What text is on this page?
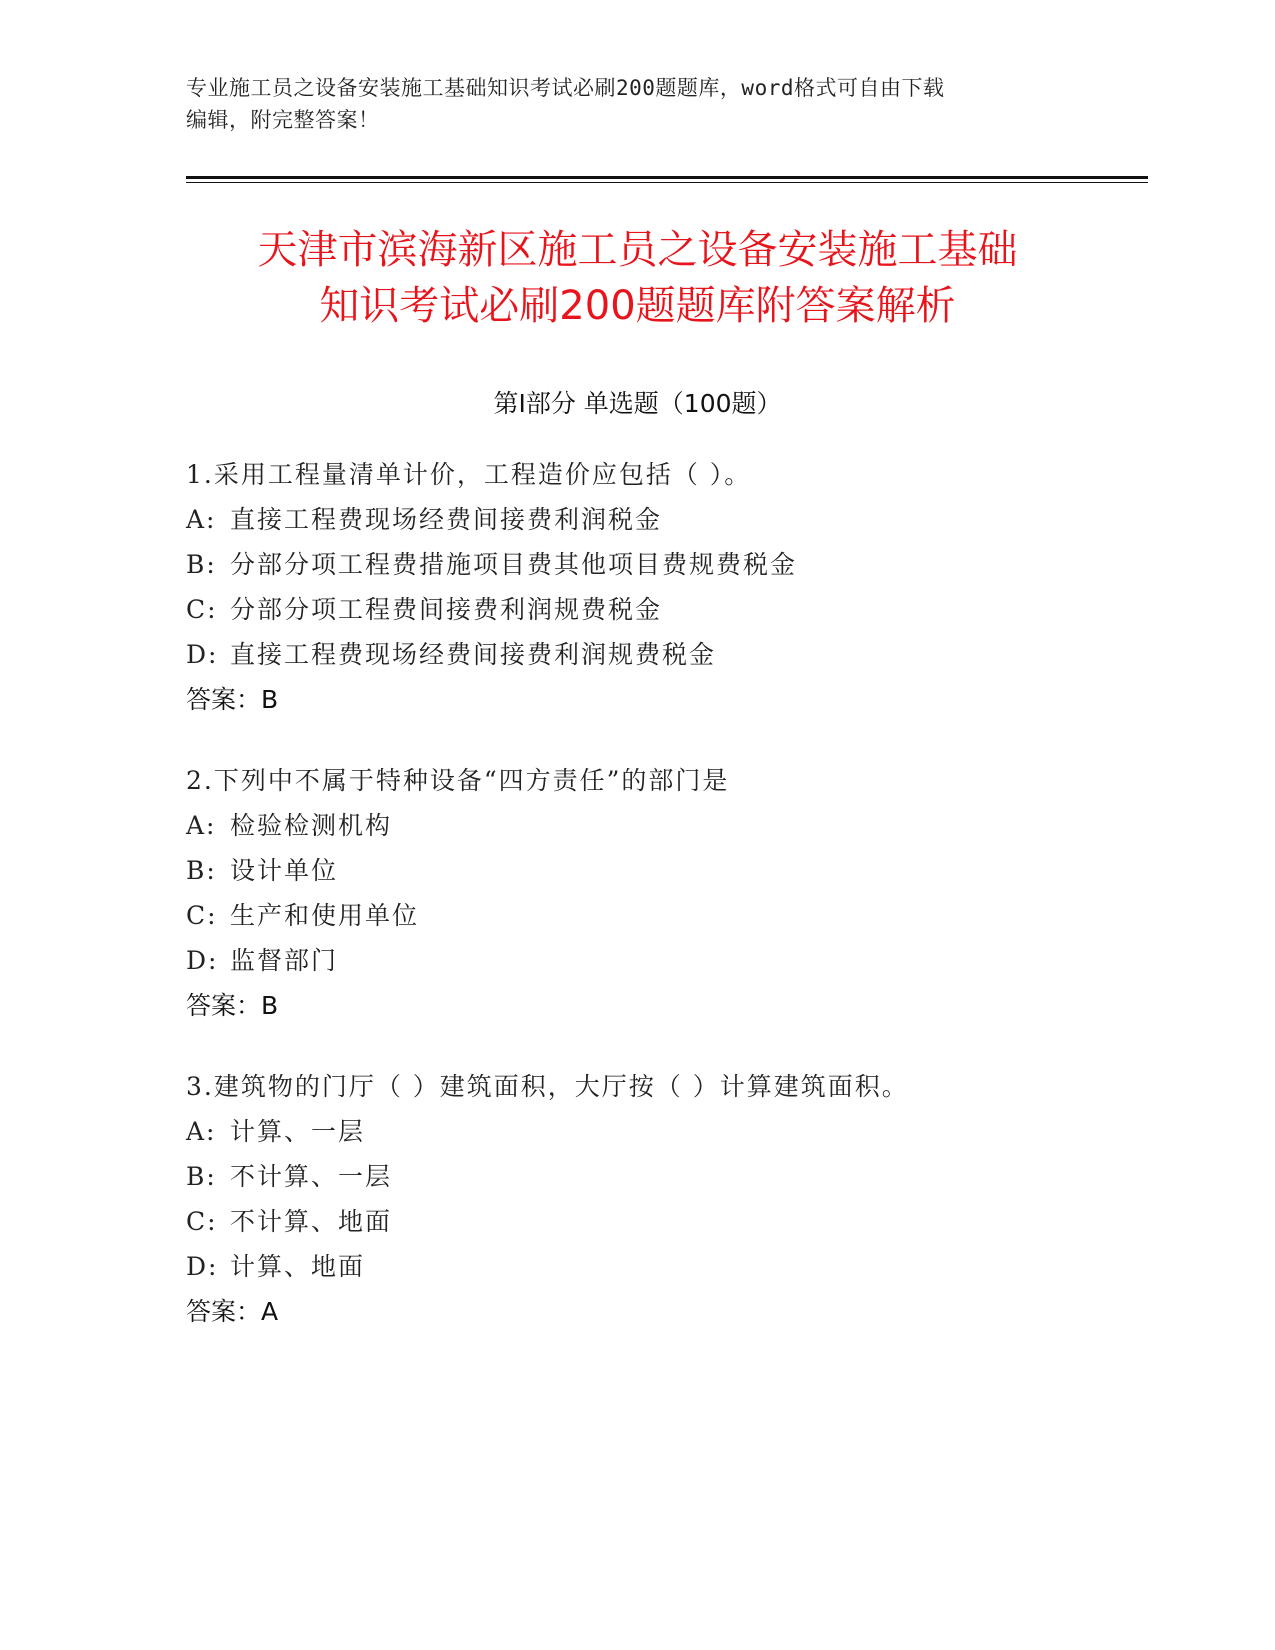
专业施工员之设备安装施工基础知识考试必刷200题题库，word格式可自由下载
编辑，附完整答案！
天津市滨海新区施工员之设备安装施工基础
知识考试必刷200题题库附答案解析
第Ⅰ部分 单选题（100题）
1.采用工程量清单计价，工程造价应包括（ ）。
A: 直接工程费现场经费间接费利润税金
B: 分部分项工程费措施项目费其他项目费规费税金
C: 分部分项工程费间接费利润规费税金
D: 直接工程费现场经费间接费利润规费税金
答案：B
2.下列中不属于特种设备“四方责任”的部门是
A: 检验检测机构
B: 设计单位
C: 生产和使用单位
D: 监督部门
答案：B
3.建筑物的门厅（ ）建筑面积，大厅按（ ）计算建筑面积。
A: 计算、一层
B: 不计算、一层
C: 不计算、地面
D: 计算、地面
答案：A
